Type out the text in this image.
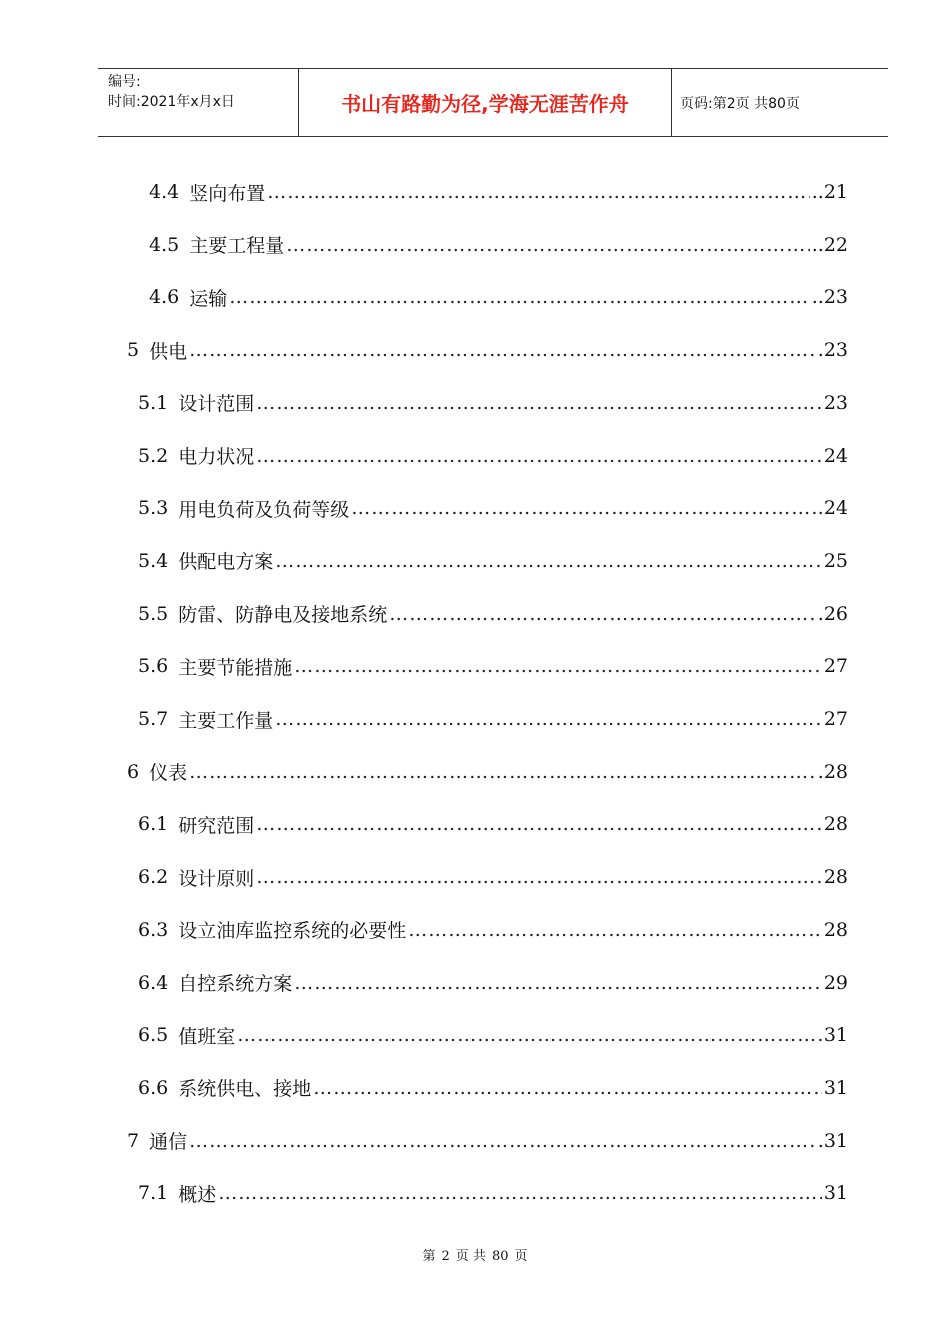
编号:
时间:2021年x月x日	书山有路勤为径,学海无涯苦作舟	页码:第2页 共80页
4.4 竖向布置 …………………………………………………………………………………………………………………………………………………	..21
4.5 主要工程量 …………………………………………………………………………………………………………………………………………………	..22
4.6 运输 …………………………………………………………………………………………………………………………………………………	..23
5 供电 …………………………………………………………………………………………………………………………………………………	.23
5.1 设计范围 …………………………………………………………………………………………………………………………………………………	23
5.2 电力状况 …………………………………………………………………………………………………………………………………………………	24
5.3 用电负荷及负荷等级 …………………………………………………………………………………………………………………………………………………	24
5.4 供配电方案 …………………………………………………………………………………………………………………………………………………	25
5.5 防雷、防静电及接地系统 …………………………………………………………………………………………………………………………………………………	.26
5.6 主要节能措施 …………………………………………………………………………………………………………………………………………………	27
5.7 主要工作量 …………………………………………………………………………………………………………………………………………………	27
6 仪表 …………………………………………………………………………………………………………………………………………………	.28
6.1 研究范围 …………………………………………………………………………………………………………………………………………………	28
6.2 设计原则 …………………………………………………………………………………………………………………………………………………	28
6.3 设立油库监控系统的必要性 …………………………………………………………………………………………………………………………………………………	28
6.4 自控系统方案 …………………………………………………………………………………………………………………………………………………	29
6.5 值班室 …………………………………………………………………………………………………………………………………………………	31
6.6 系统供电、接地 …………………………………………………………………………………………………………………………………………………	31
7 通信 …………………………………………………………………………………………………………………………………………………	.31
7.1 概述 …………………………………………………………………………………………………………………………………………………	31
第 2 页 共 80 页
